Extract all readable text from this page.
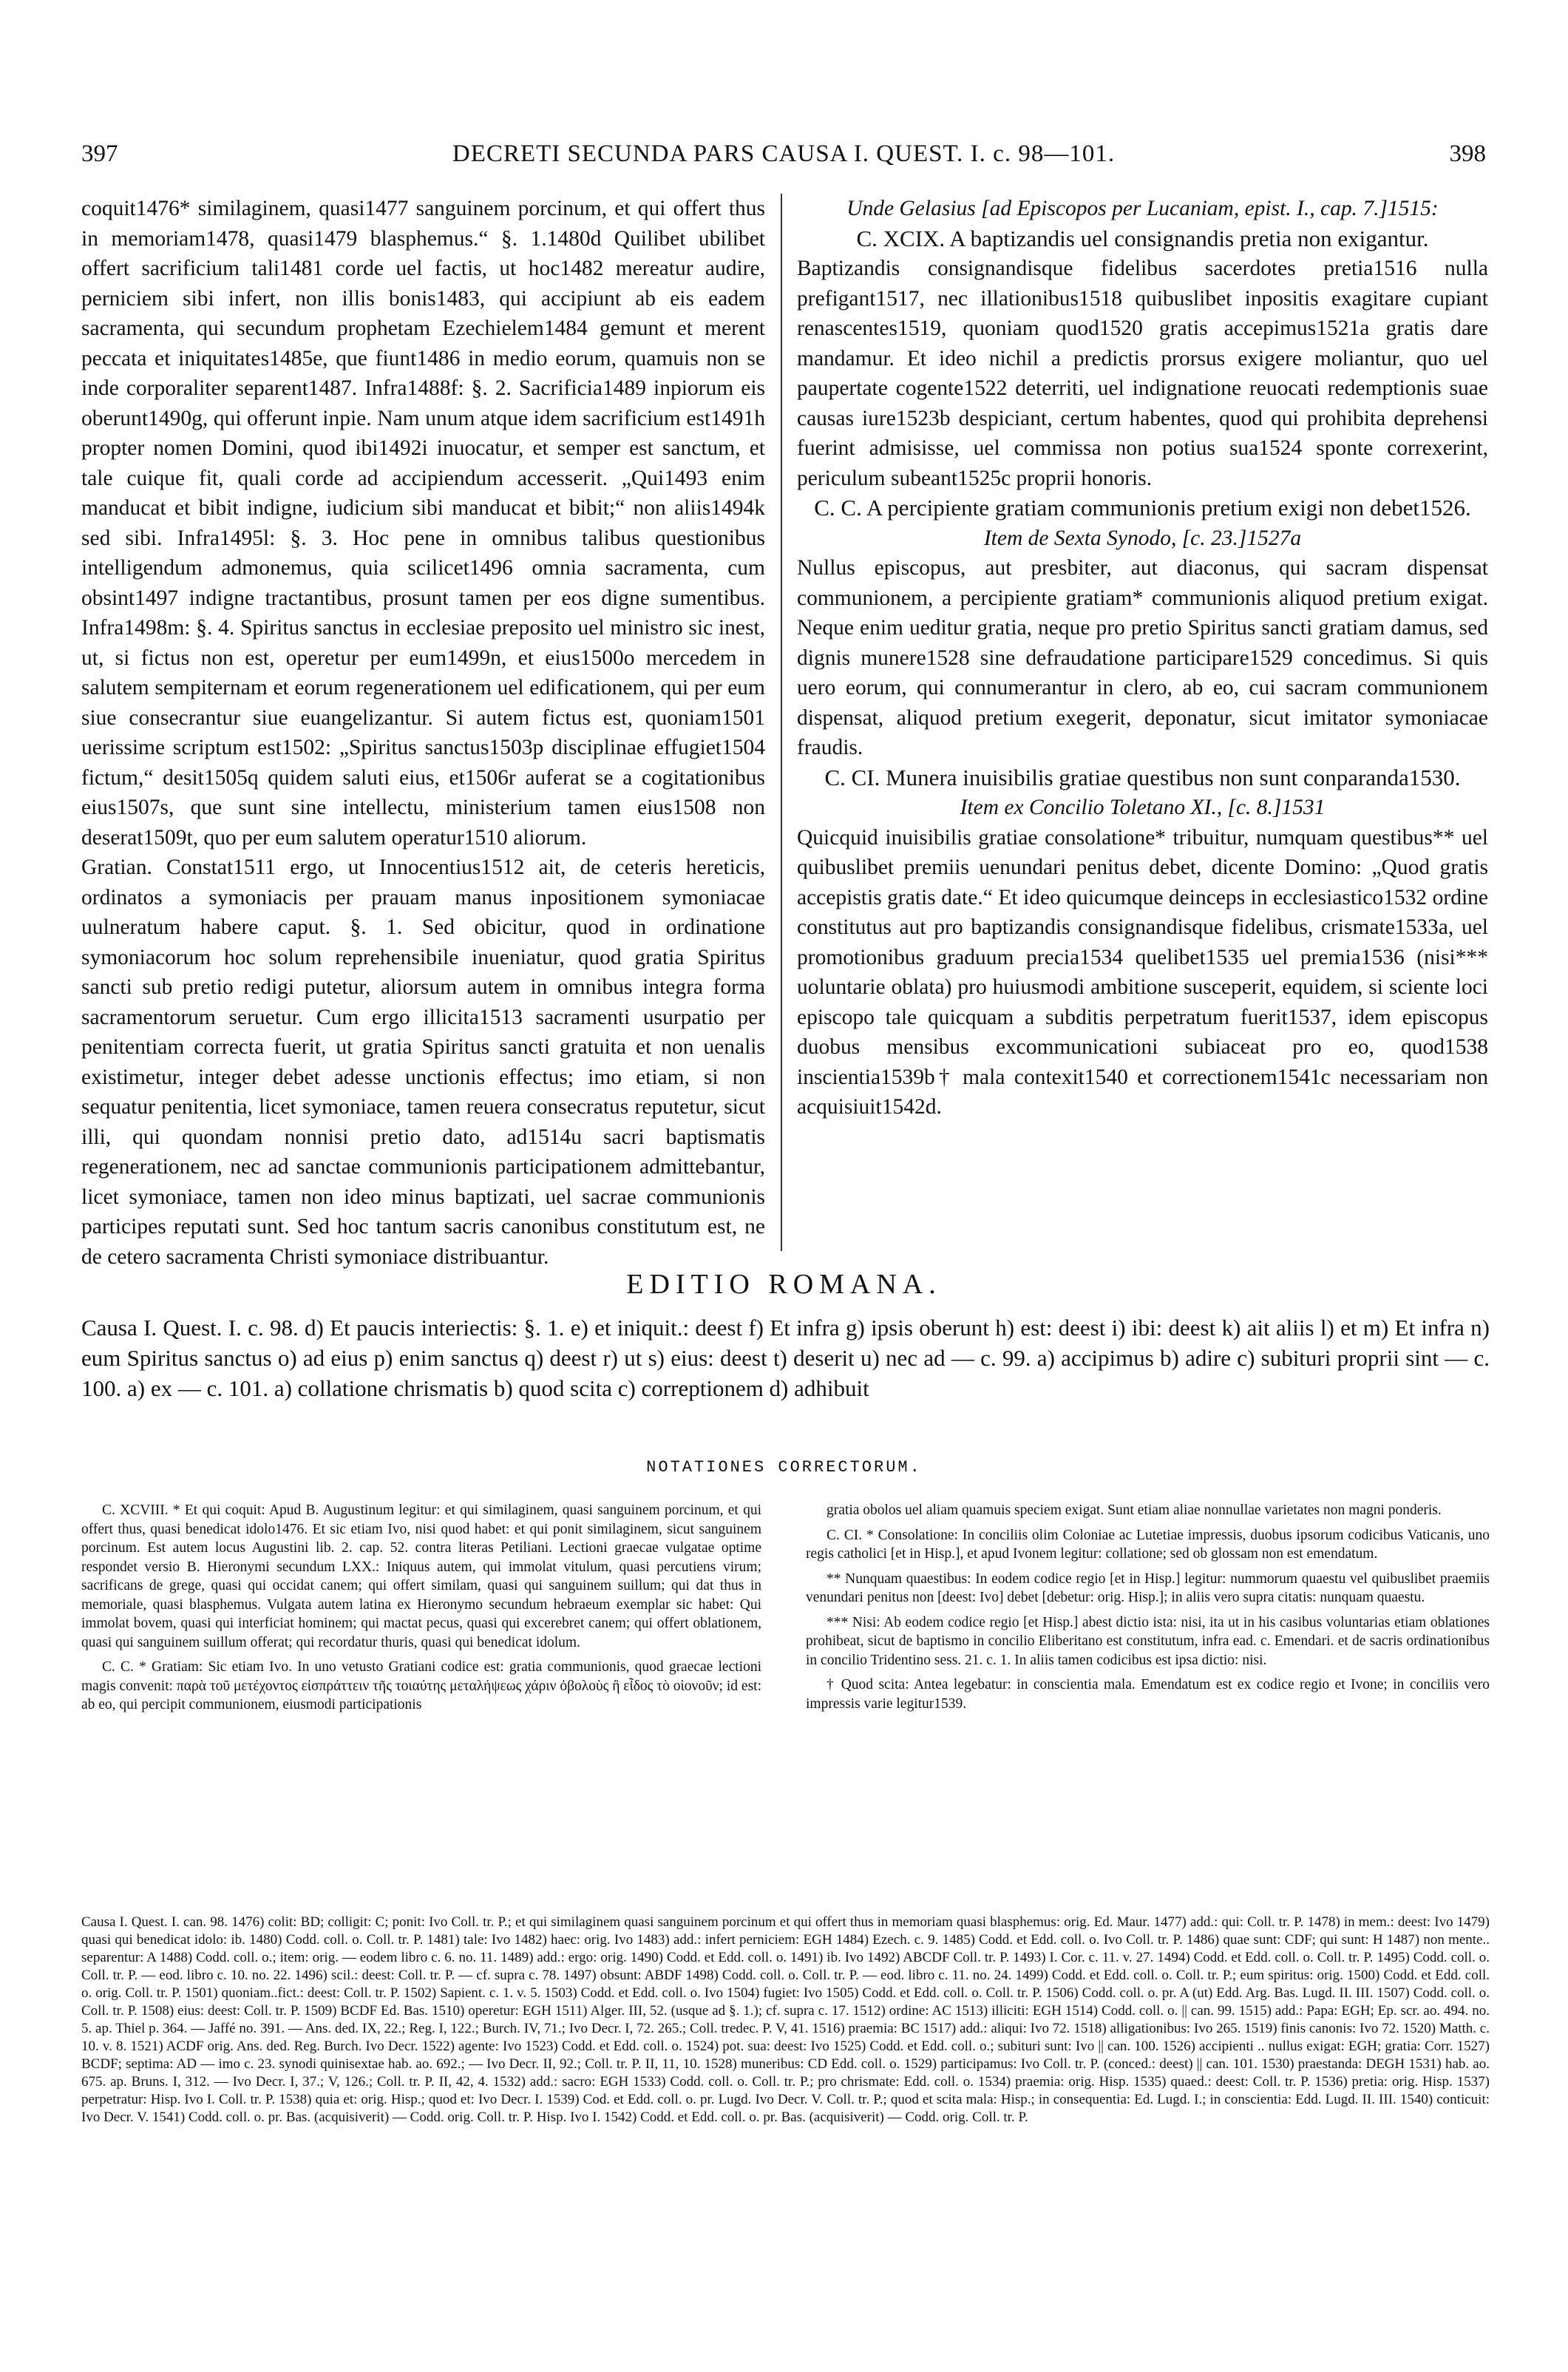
397	DECRETI SECUNDA PARS CAUSA I. QUEST. I. c. 98—101.	398

coquit1476* similaginem, quasi1477 sanguinem porcinum, et qui offert thus in memoriam1478, quasi1479 blasphemus.“ §. 1.1480d Quilibet ubilibet offert sacrificium tali1481 corde uel factis, ut hoc1482 mereatur audire, perniciem sibi infert, non illis bonis1483, qui accipiunt ab eis eadem sacramenta, qui secundum prophetam Ezechielem1484 gemunt et merent peccata et iniquitates1485e, que fiunt1486 in medio eorum, quamuis non se inde corporaliter separent1487. Infra1488f: §. 2. Sacrificia1489 inpiorum eis oberunt1490g, qui offerunt inpie. Nam unum atque idem sacrificium est1491h propter nomen Domini, quod ibi1492i inuocatur, et semper est sanctum, et tale cuique fit, quali corde ad accipiendum accesserit. „Qui1493 enim manducat et bibit indigne, iudicium sibi manducat et bibit;“ non aliis1494k sed sibi. Infra1495l: §. 3. Hoc pene in omnibus talibus questionibus intelligendum admonemus, quia scilicet1496 omnia sacramenta, cum obsint1497 indigne tractantibus, prosunt tamen per eos digne sumentibus. Infra1498m: §. 4. Spiritus sanctus in ecclesiae preposito uel ministro sic inest, ut, si fictus non est, operetur per eum1499n, et eius1500o mercedem in salutem sempiternam et eorum regenerationem uel edificationem, qui per eum siue consecrantur siue euangelizantur. Si autem fictus est, quoniam1501 uerissime scriptum est1502: „Spiritus sanctus1503p disciplinae effugiet1504 fictum,“ desit1505q quidem saluti eius, et1506r auferat se a cogitationibus eius1507s, que sunt sine intellectu, ministerium tamen eius1508 non deserat1509t, quo per eum salutem operatur1510 aliorum.

Gratian. Constat1511 ergo, ut Innocentius1512 ait, de ceteris hereticis, ordinatos a symoniacis per prauam manus inpositionem symoniacae uulneratum habere caput. §. 1. Sed obicitur, quod in ordinatione symoniacorum hoc solum reprehensibile inueniatur, quod gratia Spiritus sancti sub pretio redigi putetur, aliorsum autem in omnibus integra forma sacramentorum seruetur. Cum ergo illicita1513 sacramenti usurpatio per penitentiam correcta fuerit, ut gratia Spiritus sancti gratuita et non uenalis existimetur, integer debet adesse unctionis effectus; imo etiam, si non sequatur penitentia, licet symoniace, tamen reuera consecratus reputetur, sicut illi, qui quondam nonnisi pretio dato, ad1514u sacri baptismatis regenerationem, nec ad sanctae communionis participationem admittebantur, licet symoniace, tamen non ideo minus baptizati, uel sacrae communionis participes reputati sunt. Sed hoc tantum sacris canonibus constitutum est, ne de cetero sacramenta Christi symoniace distribuantur.

Unde Gelasius [ad Episcopos per Lucaniam, epist. I., cap. 7.]1515:

C. XCIX. A baptizandis uel consignandis pretia non exigantur.

Baptizandis consignandisque fidelibus sacerdotes pretia1516 nulla prefigant1517, nec illationibus1518 quibuslibet inpositis exagitare cupiant renascentes1519, quoniam quod1520 gratis accepimus1521a gratis dare mandamur. Et ideo nichil a predictis prorsus exigere moliantur, quo uel paupertate cogente1522 deterriti, uel indignatione reuocati redemptionis suae causas iure1523b despiciant, certum habentes, quod qui prohibita deprehensi fuerint admisisse, uel commissa non potius sua1524 sponte correxerint, periculum subeant1525c proprii honoris.

C. C. A percipiente gratiam communionis pretium exigi non debet1526.

Item de Sexta Synodo, [c. 23.]1527a

Nullus episcopus, aut presbiter, aut diaconus, qui sacram dispensat communionem, a percipiente gratiam* communionis aliquod pretium exigat. Neque enim ueditur gratia, neque pro pretio Spiritus sancti gratiam damus, sed dignis munere1528 sine defraudatione participare1529 concedimus. Si quis uero eorum, qui connumerantur in clero, ab eo, cui sacram communionem dispensat, aliquod pretium exegerit, deponatur, sicut imitator symoniacae fraudis.

C. CI. Munera inuisibilis gratiae questibus non sunt conparanda1530.

Item ex Concilio Toletano XI., [c. 8.]1531

Quicquid inuisibilis gratiae consolatione* tribuitur, numquam questibus** uel quibuslibet premiis uenundari penitus debet, dicente Domino: „Quod gratis accepistis gratis date.“ Et ideo quicumque deinceps in ecclesiastico1532 ordine constitutus aut pro baptizandis consignandisque fidelibus, crismate1533a, uel promotionibus graduum precia1534 quelibet1535 uel premia1536 (nisi*** uoluntarie oblata) pro huiusmodi ambitione susceperit, equidem, si sciente loci episcopo tale quicquam a subditis perpetratum fuerit1537, idem episcopus duobus mensibus excommunicationi subiaceat pro eo, quod1538 inscientia1539b† mala contexit1540 et correctionem1541c necessariam non acquisiuit1542d.

EDITIO ROMANA.
Causa I. Quest. I. c. 98. d) Et paucis interiectis: §. 1. e) et iniquit.: deest f) Et infra g) ipsis oberunt h) est: deest i) ibi: deest k) ait aliis l) et m) Et infra n) eum Spiritus sanctus o) ad eius p) enim sanctus q) deest r) ut s) eius: deest t) deserit u) nec ad — c. 99. a) accipimus b) adire c) subituri proprii sint — c. 100. a) ex — c. 101. a) collatione chrismatis b) quod scita c) correptionem d) adhibuit
NOTATIONES CORRECTORUM.

C. XCVIII. * Et qui coquit: Apud B. Augustinum legitur: et qui similaginem, quasi sanguinem porcinum, et qui offert thus, quasi benedicat idolo1476. Et sic etiam Ivo, nisi quod habet: et qui ponit similaginem, sicut sanguinem porcinum. Est autem locus Augustini lib. 2. cap. 52. contra literas Petiliani. Lectioni graecae vulgatae optime respondet versio B. Hieronymi secundum LXX.: Iniquus autem, qui immolat vitulum, quasi percutiens virum; sacrificans de grege, quasi qui occidat canem; qui offert similam, quasi qui sanguinem suillum; qui dat thus in memoriale, quasi blasphemus. Vulgata autem latina ex Hieronymo secundum hebraeum exemplar sic habet: Qui immolat bovem, quasi qui interficiat hominem; qui mactat pecus, quasi qui excerebret canem; qui offert oblationem, quasi qui sanguinem suillum offerat; qui recordatur thuris, quasi qui benedicat idolum.

C. C. * Gratiam: Sic etiam Ivo. In uno vetusto Gratiani codice est: gratia communionis, quod graecae lectioni magis convenit: παρὰ τοῦ μετέχοντος εἰσπράττειν τῆς τοιαύτης μεταλήψεως χάριν ὀβολοὺς ἢ εἶδος τὸ οἱονοῦν; id est: ab eo, qui percipit communionem, eiusmodi participationis

gratia obolos uel aliam quamuis speciem exigat. Sunt etiam aliae nonnullae varietates non magni ponderis.

C. CI. * Consolatione: In conciliis olim Coloniae ac Lutetiae impressis, duobus ipsorum codicibus Vaticanis, uno regis catholici [et in Hisp.], et apud Ivonem legitur: collatione; sed ob glossam non est emendatum.

** Nunquam quaestibus: In eodem codice regio [et in Hisp.] legitur: nummorum quaestu vel quibuslibet praemiis venundari penitus non [deest: Ivo] debet [debetur: orig. Hisp.]; in aliis vero supra citatis: nunquam quaestu.

*** Nisi: Ab eodem codice regio [et Hisp.] abest dictio ista: nisi, ita ut in his casibus voluntarias etiam oblationes prohibeat, sicut de baptismo in concilio Eliberitano est constitutum, infra ead. c. Emendari. et de sacris ordinationibus in concilio Tridentino sess. 21. c. 1. In aliis tamen codicibus est ipsa dictio: nisi.

† Quod scita: Antea legebatur: in conscientia mala. Emendatum est ex codice regio et Ivone; in conciliis vero impressis varie legitur1539.

Causa I. Quest. I. can. 98. 1476) colit: BD; colligit: C; ponit: Ivo Coll. tr. P.; et qui similaginem quasi sanguinem porcinum et qui offert thus in memoriam quasi blasphemus: orig. Ed. Maur. 1477) add.: qui: Coll. tr. P. 1478) in mem.: deest: Ivo 1479) quasi qui benedicat idolo: ib. 1480) Codd. coll. o. Coll. tr. P. 1481) tale: Ivo 1482) haec: orig. Ivo 1483) add.: infert perniciem: EGH 1484) Ezech. c. 9. 1485) Codd. et Edd. coll. o. Ivo Coll. tr. P. 1486) quae sunt: CDF; qui sunt: H 1487) non mente.. separentur: A 1488) Codd. coll. o.; item: orig. — eodem libro c. 6. no. 11. 1489) add.: ergo: orig. 1490) Codd. et Edd. coll. o. 1491) ib. Ivo 1492) ABCDF Coll. tr. P. 1493) I. Cor. c. 11. v. 27. 1494) Codd. et Edd. coll. o. Coll. tr. P. 1495) Codd. coll. o. Coll. tr. P. — eod. libro c. 10. no. 22. 1496) scil.: deest: Coll. tr. P. — cf. supra c. 78. 1497) obsunt: ABDF 1498) Codd. coll. o. Coll. tr. P. — eod. libro c. 11. no. 24. 1499) Codd. et Edd. coll. o. Coll. tr. P.; eum spiritus: orig. 1500) Codd. et Edd. coll. o. orig. Coll. tr. P. 1501) quoniam..fict.: deest: Coll. tr. P. 1502) Sapient. c. 1. v. 5. 1503) Codd. et Edd. coll. o. Ivo 1504) fugiet: Ivo 1505) Codd. et Edd. coll. o. Coll. tr. P. 1506) Codd. coll. o. pr. A (ut) Edd. Arg. Bas. Lugd. II. III. 1507) Codd. coll. o. Coll. tr. P. 1508) eius: deest: Coll. tr. P. 1509) BCDF Ed. Bas. 1510) operetur: EGH 1511) Alger. III, 52. (usque ad §. 1.); cf. supra c. 17. 1512) ordine: AC 1513) illiciti: EGH 1514) Codd. coll. o. || can. 99. 1515) add.: Papa: EGH; Ep. scr. ao. 494. no. 5. ap. Thiel p. 364. — Jaffé no. 391. — Ans. ded. IX, 22.; Reg. I, 122.; Burch. IV, 71.; Ivo Decr. I, 72. 265.; Coll. tredec. P. V, 41. 1516) praemia: BC 1517) add.: aliqui: Ivo 72. 1518) alligationibus: Ivo 265. 1519) finis canonis: Ivo 72. 1520) Matth. c. 10. v. 8. 1521) ACDF orig. Ans. ded. Reg. Burch. Ivo Decr. 1522) agente: Ivo 1523) Codd. et Edd. coll. o. 1524) pot. sua: deest: Ivo 1525) Codd. et Edd. coll. o.; subituri sunt: Ivo || can. 100. 1526) accipienti .. nullus exigat: EGH; gratia: Corr. 1527) BCDF; septima: AD — imo c. 23. synodi quinisextae hab. ao. 692.; — Ivo Decr. II, 92.; Coll. tr. P. II, 11, 10. 1528) muneribus: CD Edd. coll. o. 1529) participamus: Ivo Coll. tr. P. (conced.: deest) || can. 101. 1530) praestanda: DEGH 1531) hab. ao. 675. ap. Bruns. I, 312. — Ivo Decr. I, 37.; V, 126.; Coll. tr. P. II, 42, 4. 1532) add.: sacro: EGH 1533) Codd. coll. o. Coll. tr. P.; pro chrismate: Edd. coll. o. 1534) praemia: orig. Hisp. 1535) quaed.: deest: Coll. tr. P. 1536) pretia: orig. Hisp. 1537) perpetratur: Hisp. Ivo I. Coll. tr. P. 1538) quia et: orig. Hisp.; quod et: Ivo Decr. I. 1539) Cod. et Edd. coll. o. pr. Lugd. Ivo Decr. V. Coll. tr. P.; quod et scita mala: Hisp.; in consequentia: Ed. Lugd. I.; in conscientia: Edd. Lugd. II. III. 1540) conticuit: Ivo Decr. V. 1541) Codd. coll. o. pr. Bas. (acquisiverit) — Codd. orig. Coll. tr. P. Hisp. Ivo I. 1542) Codd. et Edd. coll. o. pr. Bas. (acquisiverit) — Codd. orig. Coll. tr. P.
